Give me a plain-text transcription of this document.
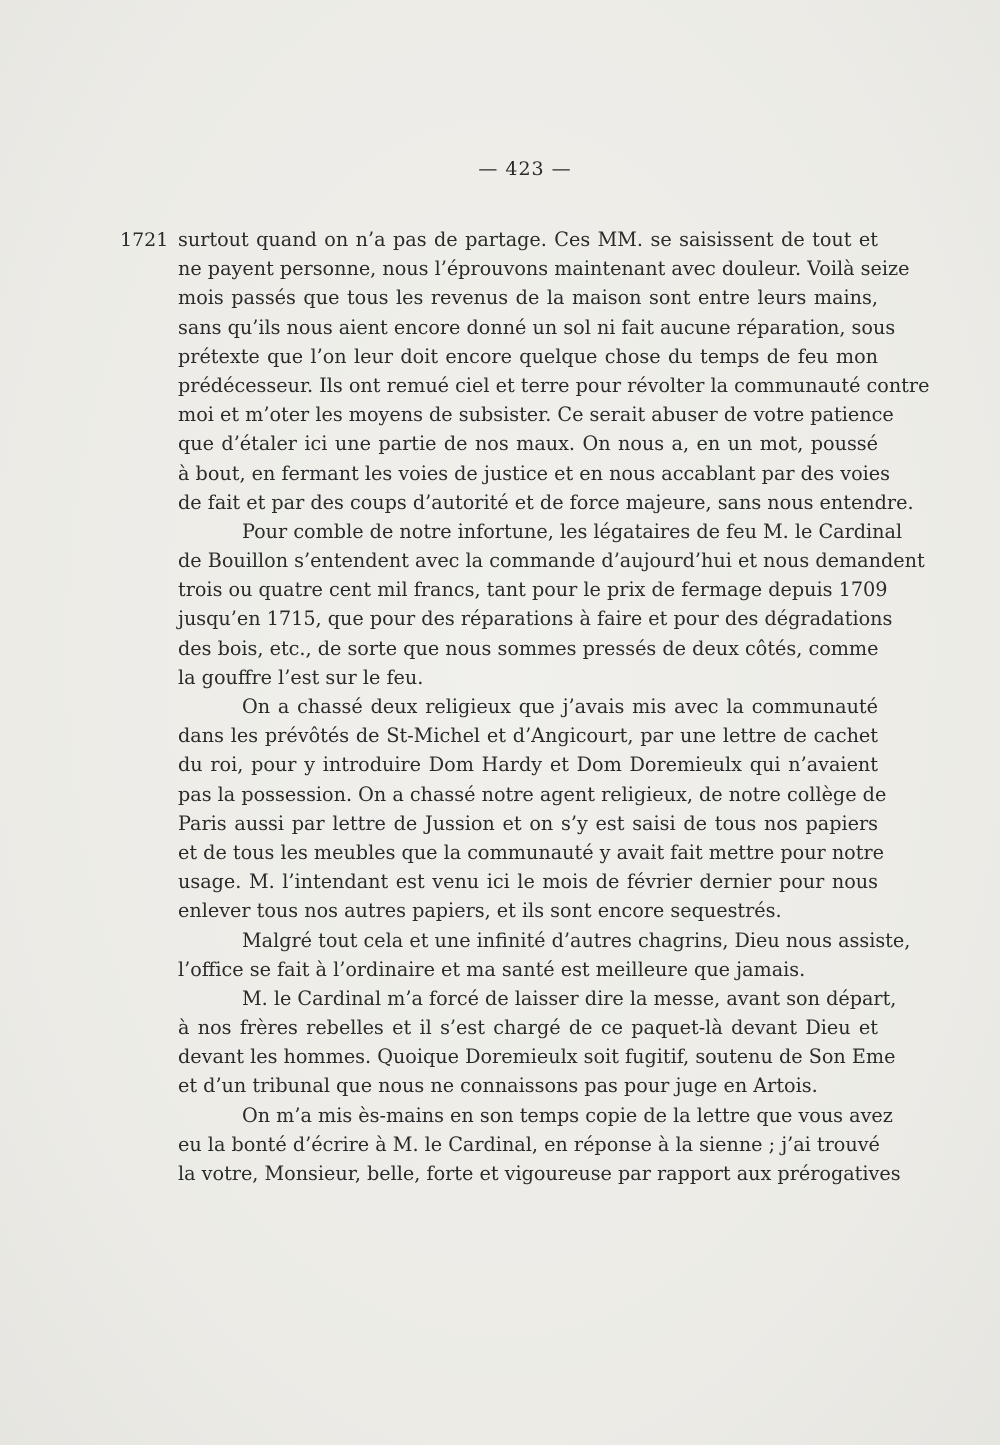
— 423 —
1721 surtout quand on n’a pas de partage. Ces MM. se saisissent de tout et
ne payent personne, nous l’éprouvons maintenant avec douleur. Voilà seize
mois passés que tous les revenus de la maison sont entre leurs mains,
sans qu’ils nous aient encore donné un sol ni fait aucune réparation, sous
prétexte que l’on leur doit encore quelque chose du temps de feu mon
prédécesseur. Ils ont remué ciel et terre pour révolter la communauté contre
moi et m’oter les moyens de subsister. Ce serait abuser de votre patience
que d’étaler ici une partie de nos maux. On nous a, en un mot, poussé
à bout, en fermant les voies de justice et en nous accablant par des voies
de fait et par des coups d’autorité et de force majeure, sans nous entendre.
Pour comble de notre infortune, les légataires de feu M. le Cardinal
de Bouillon s’entendent avec la commande d’aujourd’hui et nous demandent
trois ou quatre cent mil francs, tant pour le prix de fermage depuis 1709
jusqu’en 1715, que pour des réparations à faire et pour des dégradations
des bois, etc., de sorte que nous sommes pressés de deux côtés, comme
la gouffre l’est sur le feu.
On a chassé deux religieux que j’avais mis avec la communauté
dans les prévôtés de St-Michel et d’Angicourt, par une lettre de cachet
du roi, pour y introduire Dom Hardy et Dom Doremieulx qui n’avaient
pas la possession. On a chassé notre agent religieux, de notre collège de
Paris aussi par lettre de Jussion et on s’y est saisi de tous nos papiers
et de tous les meubles que la communauté y avait fait mettre pour notre
usage. M. l’intendant est venu ici le mois de février dernier pour nous
enlever tous nos autres papiers, et ils sont encore sequestrés.
Malgré tout cela et une infinité d’autres chagrins, Dieu nous assiste,
l’office se fait à l’ordinaire et ma santé est meilleure que jamais.
M. le Cardinal m’a forcé de laisser dire la messe, avant son départ,
à nos frères rebelles et il s’est chargé de ce paquet-là devant Dieu et
devant les hommes. Quoique Doremieulx soit fugitif, soutenu de Son Eme
et d’un tribunal que nous ne connaissons pas pour juge en Artois.
On m’a mis ès-mains en son temps copie de la lettre que vous avez
eu la bonté d’écrire à M. le Cardinal, en réponse à la sienne ; j’ai trouvé
la votre, Monsieur, belle, forte et vigoureuse par rapport aux prérogatives
